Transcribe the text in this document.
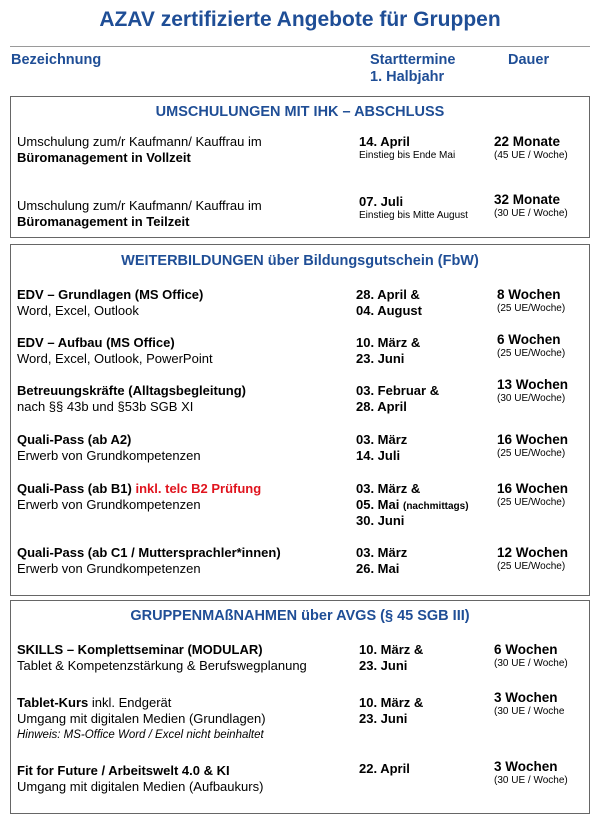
AZAV zertifizierte Angebote für Gruppen
Bezeichnung	Starttermine
1. Halbjahr
Dauer
UMSCHULUNGEN MIT IHK – ABSCHLUSS
Umschulung zum/r Kaufmann/ Kauffrau im
Büromanagement in Vollzeit
14. April
Einstieg bis Ende Mai
22 Monate
(45 UE / Woche)
Umschulung zum/r Kaufmann/ Kauffrau im
Büromanagement in Teilzeit
07. Juli
Einstieg bis Mitte August
32 Monate
(30 UE / Woche)
WEITERBILDUNGEN über Bildungsgutschein (FbW)
EDV – Grundlagen (MS Office)
Word, Excel, Outlook
28. April &
04. August
8 Wochen
(25 UE/Woche)
EDV – Aufbau (MS Office)
Word, Excel, Outlook, PowerPoint
10. März &
23. Juni
6 Wochen
(25 UE/Woche)
Betreuungskräfte (Alltagsbegleitung)
nach §§ 43b und §53b SGB XI
03. Februar &
28. April
13 Wochen
(30 UE/Woche)
Quali-Pass (ab A2)
Erwerb von Grundkompetenzen
03. März
14. Juli
16 Wochen
(25 UE/Woche)
Quali-Pass (ab B1) inkl. telc B2 Prüfung
Erwerb von Grundkompetenzen
03. März &
05. Mai (nachmittags)
30. Juni
16 Wochen
(25 UE/Woche)
Quali-Pass (ab C1 / Muttersprachler*innen)
Erwerb von Grundkompetenzen
03. März
26. Mai
12 Wochen
(25 UE/Woche)
GRUPPENMAßNAHMEN über AVGS (§ 45 SGB III)
SKILLS – Komplettseminar (MODULAR)
Tablet & Kompetenzstärkung & Berufswegplanung
10. März &
23. Juni
6 Wochen
(30 UE / Woche)
Tablet-Kurs inkl. Endgerät
Umgang mit digitalen Medien (Grundlagen)
Hinweis: MS-Office Word / Excel nicht beinhaltet
10. März &
23. Juni
3 Wochen
(30 UE / Woche
Fit for Future / Arbeitswelt 4.0 & KI
Umgang mit digitalen Medien (Aufbaukurs)
22. April	3 Wochen
(30 UE / Woche)
